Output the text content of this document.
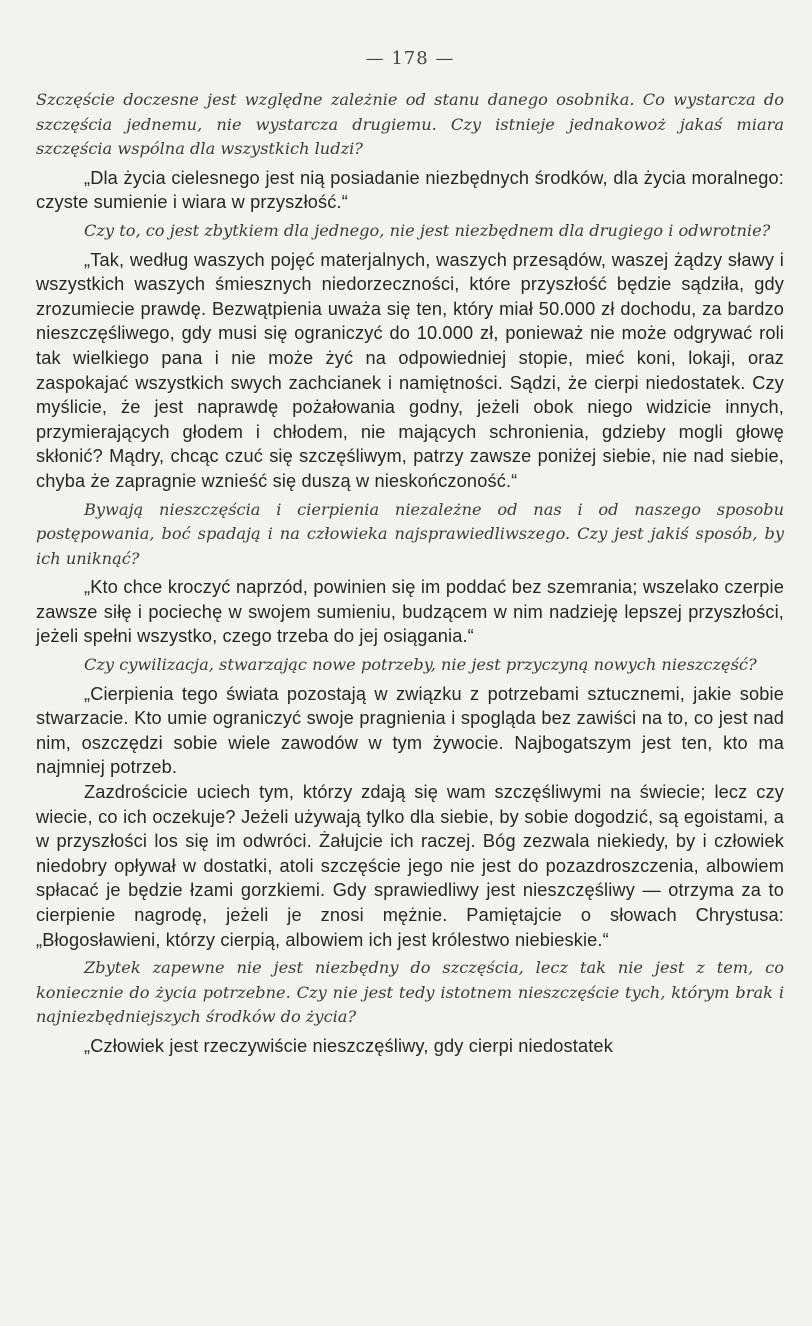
— 178 —

Szczęście doczesne jest względne zależnie od stanu danego osobnika. Co wystarcza do szczęścia jednemu, nie wystarcza drugiemu. Czy istnieje jednakowoż jakaś miara szczęścia wspólna dla wszystkich ludzi?

„Dla życia cielesnego jest nią posiadanie niezbędnych środków, dla życia moralnego: czyste sumienie i wiara w przyszłość.“

Czy to, co jest zbytkiem dla jednego, nie jest niezbędnem dla drugiego i odwrotnie?

„Tak, według waszych pojęć materjalnych, waszych przesądów, waszej żądzy sławy i wszystkich waszych śmiesznych niedorzeczności, które przyszłość będzie sądziła, gdy zrozumiecie prawdę. Bezwątpienia uważa się ten, który miał 50.000 zł dochodu, za bardzo nieszczęśliwego, gdy musi się ograniczyć do 10.000 zł, ponieważ nie może odgrywać roli tak wielkiego pana i nie może żyć na odpowiedniej stopie, mieć koni, lokaji, oraz zaspokajać wszystkich swych zachcianek i namiętności. Sądzi, że cierpi niedostatek. Czy myślicie, że jest naprawdę pożałowania godny, jeżeli obok niego widzicie innych, przymierających głodem i chłodem, nie mających schronienia, gdzieby mogli głowę skłonić? Mądry, chcąc czuć się szczęśliwym, patrzy zawsze poniżej siebie, nie nad siebie, chyba że zapragnie wznieść się duszą w nieskończoność.“

Bywają nieszczęścia i cierpienia niezależne od nas i od naszego sposobu postępowania, boć spadają i na człowieka najsprawiedliwszego. Czy jest jakiś sposób, by ich uniknąć?

„Kto chce kroczyć naprzód, powinien się im poddać bez szemrania; wszelako czerpie zawsze siłę i pociechę w swojem sumieniu, budzącem w nim nadzieję lepszej przyszłości, jeżeli spełni wszystko, czego trzeba do jej osiągania.“

Czy cywilizacja, stwarzając nowe potrzeby, nie jest przyczyną nowych nieszczęść?

„Cierpienia tego świata pozostają w związku z potrzebami sztucznemi, jakie sobie stwarzacie. Kto umie ograniczyć swoje pragnienia i spogląda bez zawiści na to, co jest nad nim, oszczędzi sobie wiele zawodów w tym żywocie. Najbogatszym jest ten, kto ma najmniej potrzeb.

Zazdrościcie uciech tym, którzy zdają się wam szczęśliwymi na świecie; lecz czy wiecie, co ich oczekuje? Jeżeli używają tylko dla siebie, by sobie dogodzić, są egoistami, a w przyszłości los się im odwróci. Żałujcie ich raczej. Bóg zezwala niekiedy, by i człowiek niedobry opływał w dostatki, atoli szczęście jego nie jest do pozazdroszczenia, albowiem spłacać je będzie łzami gorzkiemi. Gdy sprawiedliwy jest nieszczęśliwy — otrzyma za to cierpienie nagrodę, jeżeli je znosi mężnie. Pamiętajcie o słowach Chrystusa: „Błogosławieni, którzy cierpią, albowiem ich jest królestwo niebieskie.“

Zbytek zapewne nie jest niezbędny do szczęścia, lecz tak nie jest z tem, co koniecznie do życia potrzebne. Czy nie jest tedy istotnem nieszczęście tych, którym brak i najniezbędniejszych środków do życia?

„Człowiek jest rzeczywiście nieszczęśliwy, gdy cierpi niedostatek
